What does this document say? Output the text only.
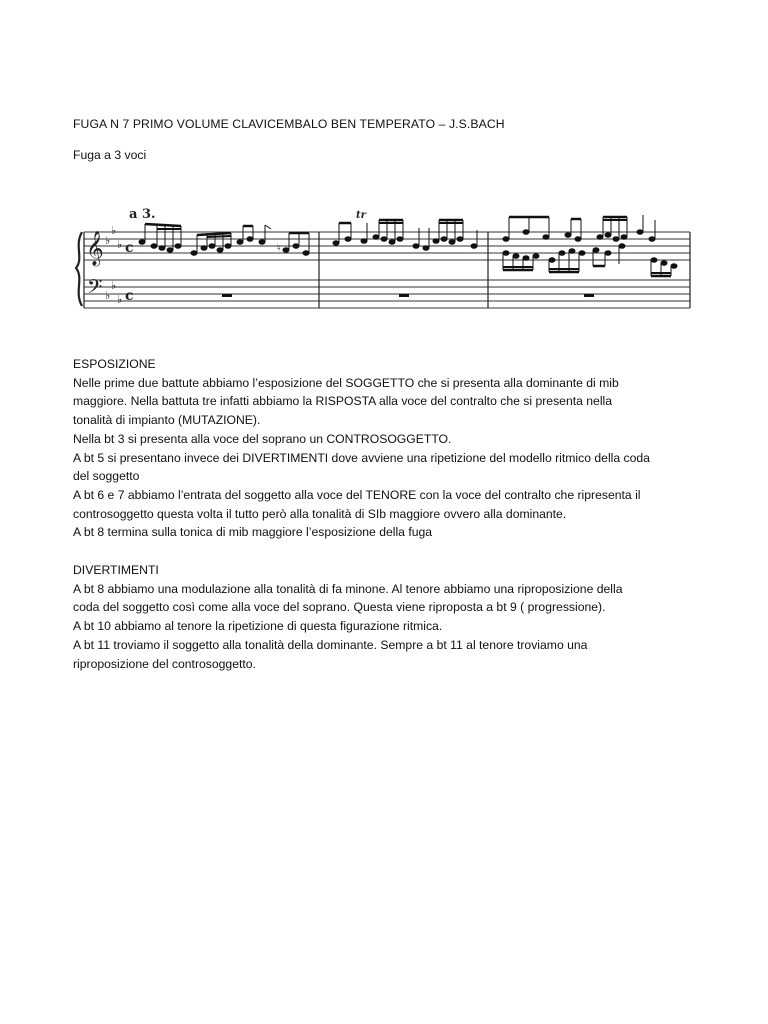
FUGA N 7 PRIMO VOLUME CLAVICEMBALO BEN TEMPERATO – J.S.BACH
Fuga a 3 voci
a 3.
𝄞
𝄢
♭
♭
♭
♭
♭
♭
c
c
♮
tr

ESPOSIZIONE

Nelle prime due battute abbiamo l’esposizione del SOGGETTO che si presenta alla dominante di mib

maggiore. Nella battuta tre infatti abbiamo la RISPOSTA alla voce del contralto che si presenta nella

tonalità di impianto (MUTAZIONE).

Nella bt 3 si presenta alla voce del soprano un CONTROSOGGETTO.

A bt 5 si presentano invece dei DIVERTIMENTI dove avviene una ripetizione del modello ritmico della coda

del soggetto

A bt 6 e 7 abbiamo l’entrata del soggetto alla voce del TENORE con la voce del contralto che ripresenta il

controsoggetto questa volta il tutto però alla tonalità di SIb maggiore ovvero alla dominante.

A bt 8 termina sulla tonica di mib maggiore l’esposizione della fuga

DIVERTIMENTI

A bt 8 abbiamo una modulazione alla tonalità di fa minone. Al tenore abbiamo una riproposizione della

coda del soggetto così come alla voce del soprano. Questa viene riproposta a bt 9 ( progressione).

A bt 10 abbiamo al tenore la ripetizione di questa figurazione ritmica.

A bt 11 troviamo il soggetto alla tonalità della dominante. Sempre a bt 11 al tenore troviamo una

riproposizione del controsoggetto.
